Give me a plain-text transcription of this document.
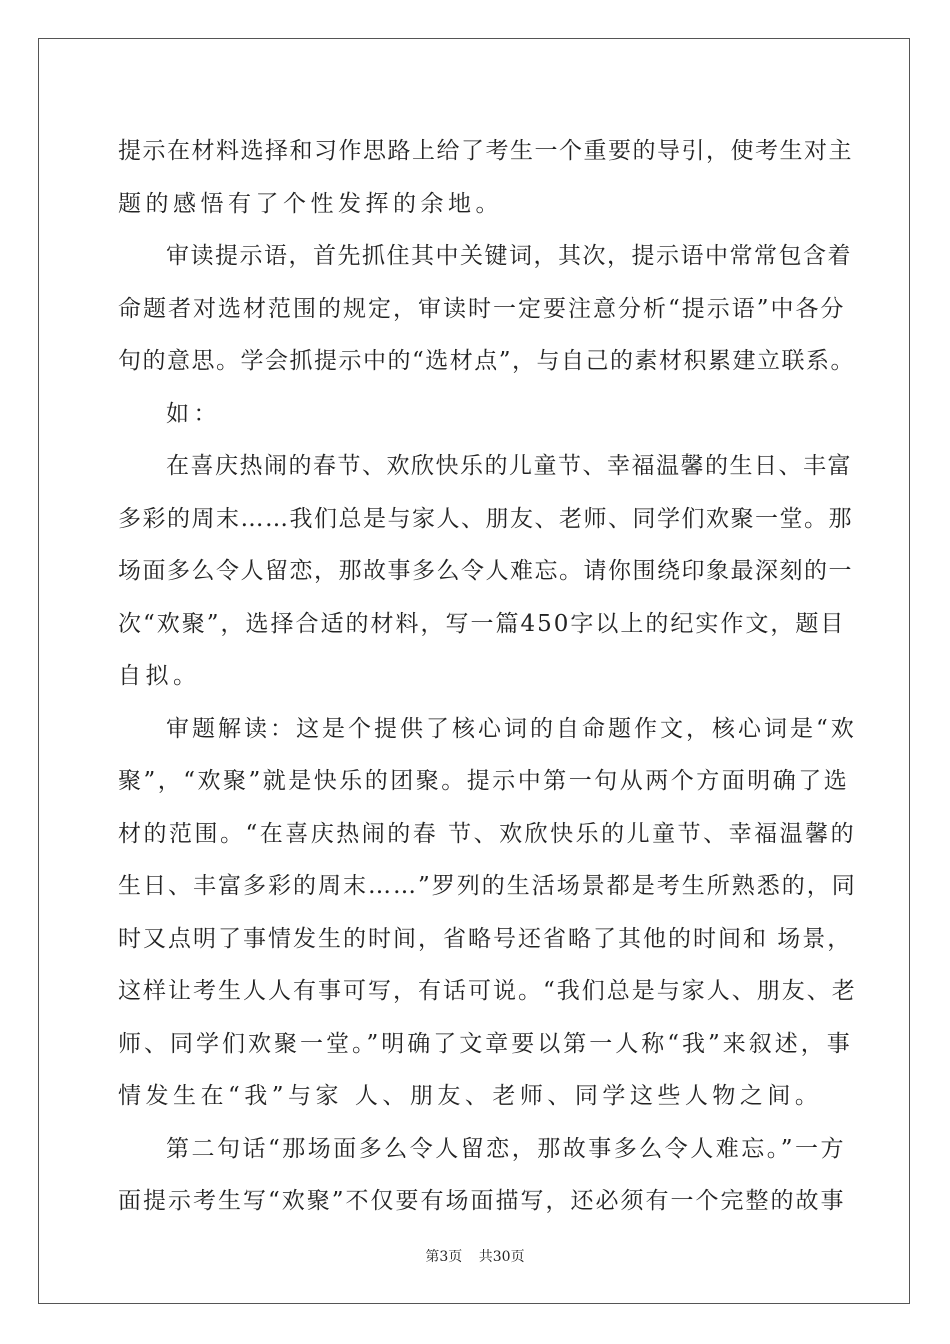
提示在材料选择和习作思路上给了考生一个重要的导引，使考生对主
题的感悟有了个性发挥的余地。
审读提示语，首先抓住其中关键词，其次，提示语中常常包含着
命题者对选材范围的规定，审读时一定要注意分析“提示语”中各分
句的意思。学会抓提示中的“选材点”，与自己的素材积累建立联系。
如：
在喜庆热闹的春节、欢欣快乐的儿童节、幸福温馨的生日、丰富
多彩的周末……我们总是与家人、朋友、老师、同学们欢聚一堂。那
场面多么令人留恋，那故事多么令人难忘。请你围绕印象最深刻的一
次“欢聚”，选择合适的材料，写一篇450字以上的纪实作文，题目
自拟。
审题解读：这是个提供了核心词的自命题作文，核心词是“欢
聚”，“欢聚”就是快乐的团聚。提示中第一句从两个方面明确了选
材的范围。“在喜庆热闹的春 节、欢欣快乐的儿童节、幸福温馨的
生日、丰富多彩的周末……”罗列的生活场景都是考生所熟悉的，同
时又点明了事情发生的时间，省略号还省略了其他的时间和 场景，
这样让考生人人有事可写，有话可说。“我们总是与家人、朋友、老
师、同学们欢聚一堂。”明确了文章要以第一人称“我”来叙述，事
情发生在“我”与家 人、朋友、老师、同学这些人物之间。
第二句话“那场面多么令人留恋，那故事多么令人难忘。”一方
面提示考生写“欢聚”不仅要有场面描写，还必须有一个完整的故事
第3页 共30页
